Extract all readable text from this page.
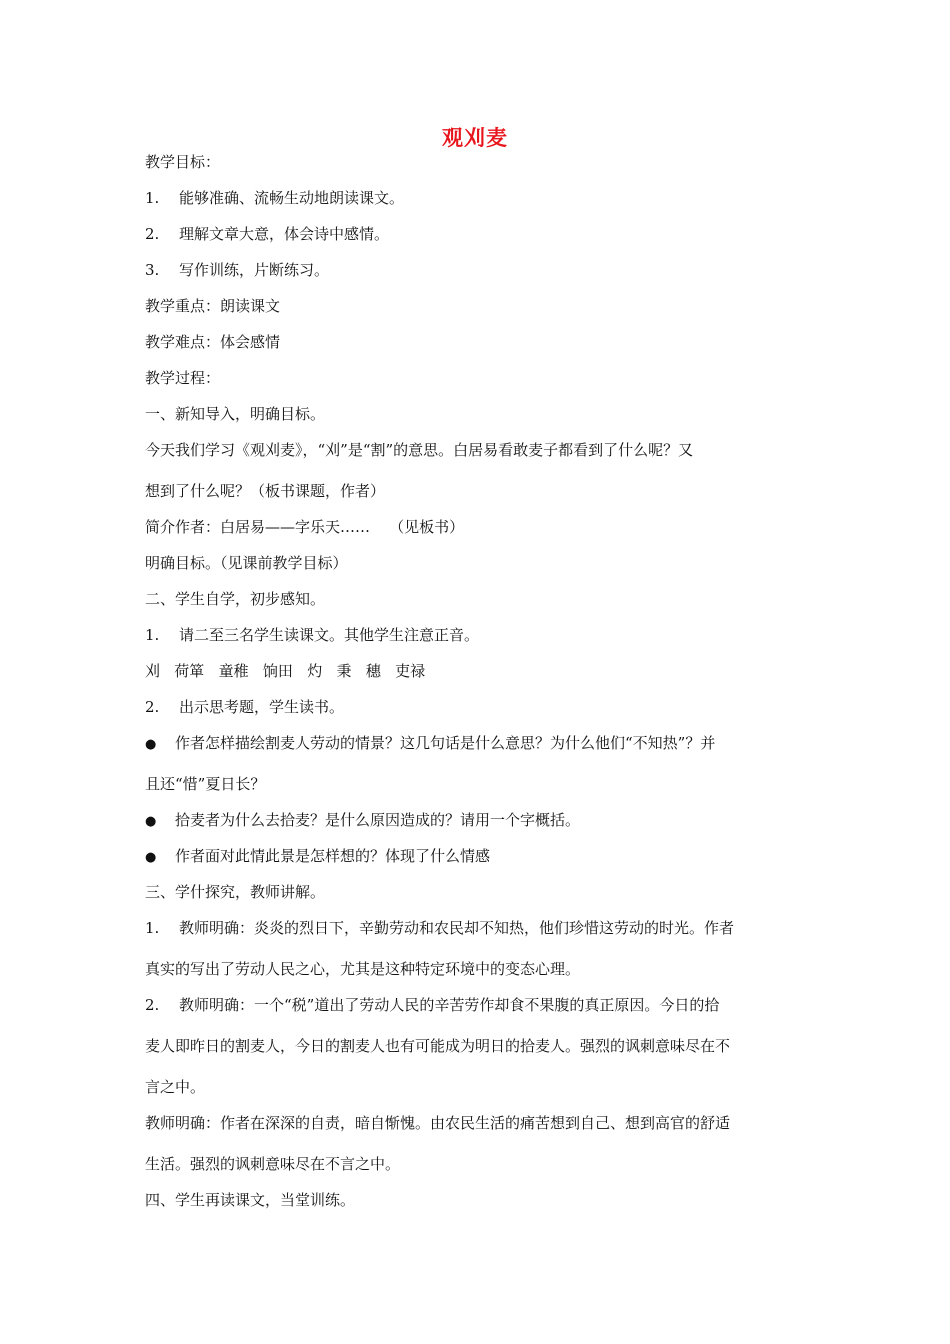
观刈麦
教学目标：
1. 能够准确、流畅生动地朗读课文。
2. 理解文章大意，体会诗中感情。
3. 写作训练，片断练习。
教学重点：朗读课文
教学难点：体会感情
教学过程：
一、新知导入，明确目标。
今天我们学习《观刈麦》，“刈”是“割”的意思。白居易看敢麦子都看到了什么呢？又
想到了什么呢？（板书课题，作者）
简介作者：白居易——字乐天……    （见板书）
明确目标。（见课前教学目标）
二、学生自学，初步感知。
1. 请二至三名学生读课文。其他学生注意正音。
刈   荷箪   童稚   饷田   灼   秉   穗   吏禄
2. 出示思考题，学生读书。
● 作者怎样描绘割麦人劳动的情景？这几句话是什么意思？为什么他们“不知热”？并
且还“惜”夏日长？
● 拾麦者为什么去拾麦？是什么原因造成的？请用一个字概括。
● 作者面对此情此景是怎样想的？体现了什么情感
三、学什探究，教师讲解。
1. 教师明确：炎炎的烈日下，辛勤劳动和农民却不知热，他们珍惜这劳动的时光。作者
真实的写出了劳动人民之心，尤其是这种特定环境中的变态心理。
2. 教师明确：一个“税”道出了劳动人民的辛苦劳作却食不果腹的真正原因。今日的拾
麦人即昨日的割麦人，今日的割麦人也有可能成为明日的拾麦人。强烈的讽刺意味尽在不
言之中。
教师明确：作者在深深的自责，暗自惭愧。由农民生活的痛苦想到自己、想到高官的舒适
生活。强烈的讽刺意味尽在不言之中。
四、学生再读课文，当堂训练。
